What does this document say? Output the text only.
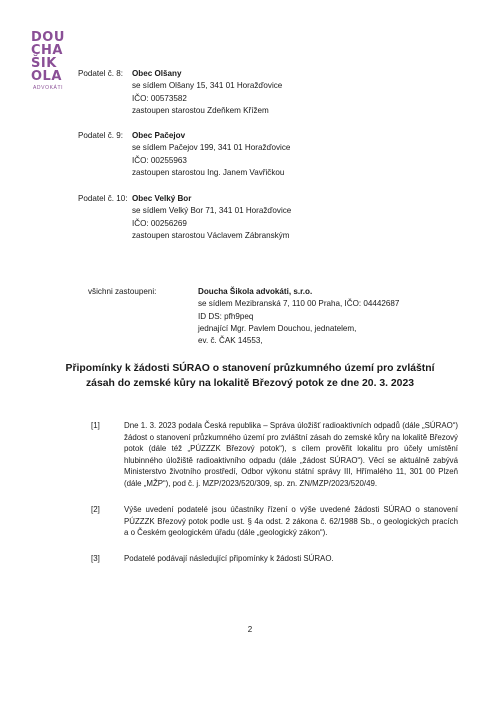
DOU
CHA
ŠIK
OLA
ADVOKÁTI
Podatel č. 8:	Obec Olšany
se sídlem Olšany 15, 341 01 Horažďovice
IČO: 00573582
zastoupen starostou Zdeňkem Křížem
Podatel č. 9:	Obec Pačejov
se sídlem Pačejov 199, 341 01 Horažďovice
IČO: 00255963
zastoupen starostou Ing. Janem Vavřičkou
Podatel č. 10: Obec Velký Bor
se sídlem Velký Bor 71, 341 01 Horažďovice
IČO: 00256269
zastoupen starostou Václavem Zábranským
všichni zastoupeni:	Doucha Šikola advokáti, s.r.o.
se sídlem Mezibranská 7, 110 00 Praha, IČO: 04442687
ID DS: pfh9peq
jednající Mgr. Pavlem Douchou, jednatelem,
ev. č. ČAK 14553,
Připomínky k žádosti SÚRAO o stanovení průzkumného území pro zvláštní
zásah do zemské kůry na lokalitě Březový potok ze dne 20. 3. 2023
[1]	Dne 1. 3. 2023 podala Česká republika – Správa úložišť radioaktivních odpadů (dále „SÚRAO“) žádost o stanovení průzkumného území pro zvláštní zásah do zemské kůry na lokalitě Březový potok (dále též „PÚZZZK Březový potok“), s cílem prověřit lokalitu pro účely umístění hlubinného úložiště radioaktivního odpadu (dále „žádost SÚRAO“). Věcí se aktuálně zabývá Ministerstvo životního prostředí, Odbor výkonu státní správy III, Hřímalého 11, 301 00 Plzeň (dále „MŽP“), pod č. j. MZP/2023/520/309, sp. zn. ZN/MZP/2023/520/49.
[2]	Výše uvedení podatelé jsou účastníky řízení o výše uvedené žádosti SÚRAO o stanovení PÚZZZK Březový potok podle ust. § 4a odst. 2 zákona č. 62/1988 Sb., o geologických pracích a o Českém geologickém úřadu (dále „geologický zákon“).
[3]	Podatelé podávají následující připomínky k žádosti SÚRAO.
2
